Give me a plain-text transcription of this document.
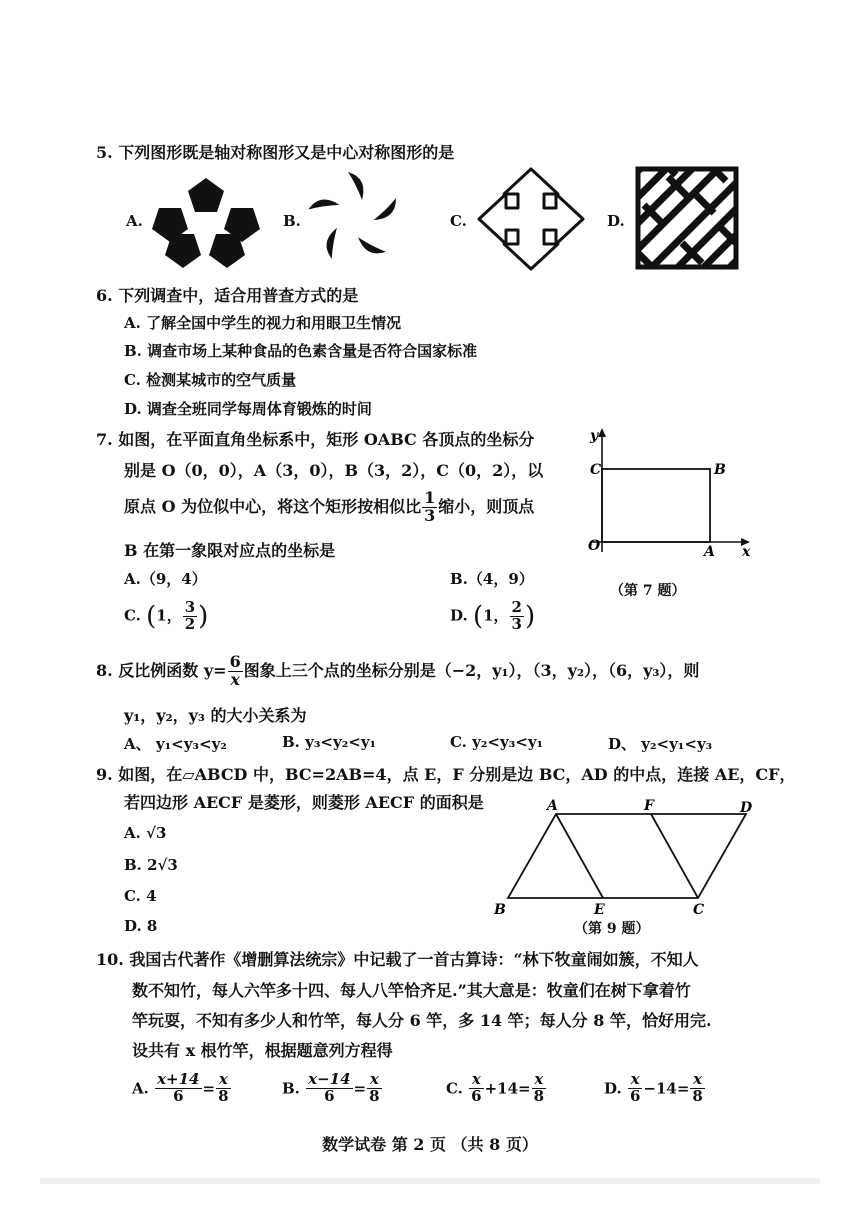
5. 下列图形既是轴对称图形又是中心对称图形的是
A.	B.	C.	D.
6. 下列调查中，适合用普查方式的是
A. 了解全国中学生的视力和用眼卫生情况
B. 调查市场上某种食品的色素含量是否符合国家标准
C. 检测某城市的空气质量
D. 调查全班同学每周体育锻炼的时间
7. 如图，在平面直角坐标系中，矩形 OABC 各顶点的坐标分
别是 O（0，0），A（3，0），B（3，2），C（0，2），以
原点 O 为位似中心，将这个矩形按相似比 $\frac{1}{3}$ 缩小，则顶点
B 在第一象限对应点的坐标是
A.（9，4）	B.（4，9）
C. (1， $\frac{3}{2}$ )	D. (1， $\frac{2}{3}$ )
y
C	B
O	A x
（第 7 题）
8. 反比例函数 $y= \frac{6}{x}$ 图象上三个点的坐标分别是（−2，y₁），（3，y₂），（6，y₃），则
y₁，y₂，y₃ 的大小关系为
A、 y₁<y₃<y₂	B. y₃<y₂<y₁	C. y₂<y₃<y₁	D、 y₂<y₁<y₃
9. 如图，在▱ABCD 中，BC=2AB=4，点 E，F 分别是边 BC，AD 的中点，连接 AE，CF，
若四边形 AECF 是菱形，则菱形 AECF 的面积是
A. √3
B. 2√3
C. 4
D. 8
A	F	D
B	E	C
（第 9 题）
10. 我国古代著作《增删算法统宗》中记载了一首古算诗：“林下牧童闹如簇，不知人
数不知竹，每人六竿多十四、每人八竿恰齐足.”其大意是：牧童们在树下拿着竹
竿玩耍，不知有多少人和竹竿，每人分 6 竿，多 14 竿；每人分 8 竿，恰好用完.
设共有 x 根竹竿，根据题意列方程得
A. $\frac{x+14}{6} = \frac{x}{8}$	B. $\frac{x-14}{6} = \frac{x}{8}$	C. $\frac{x}{6} +14= \frac{x}{8}$	D. $\frac{x}{6} -14= \frac{x}{8}$
数学试卷 第 2 页 （共 8 页）
